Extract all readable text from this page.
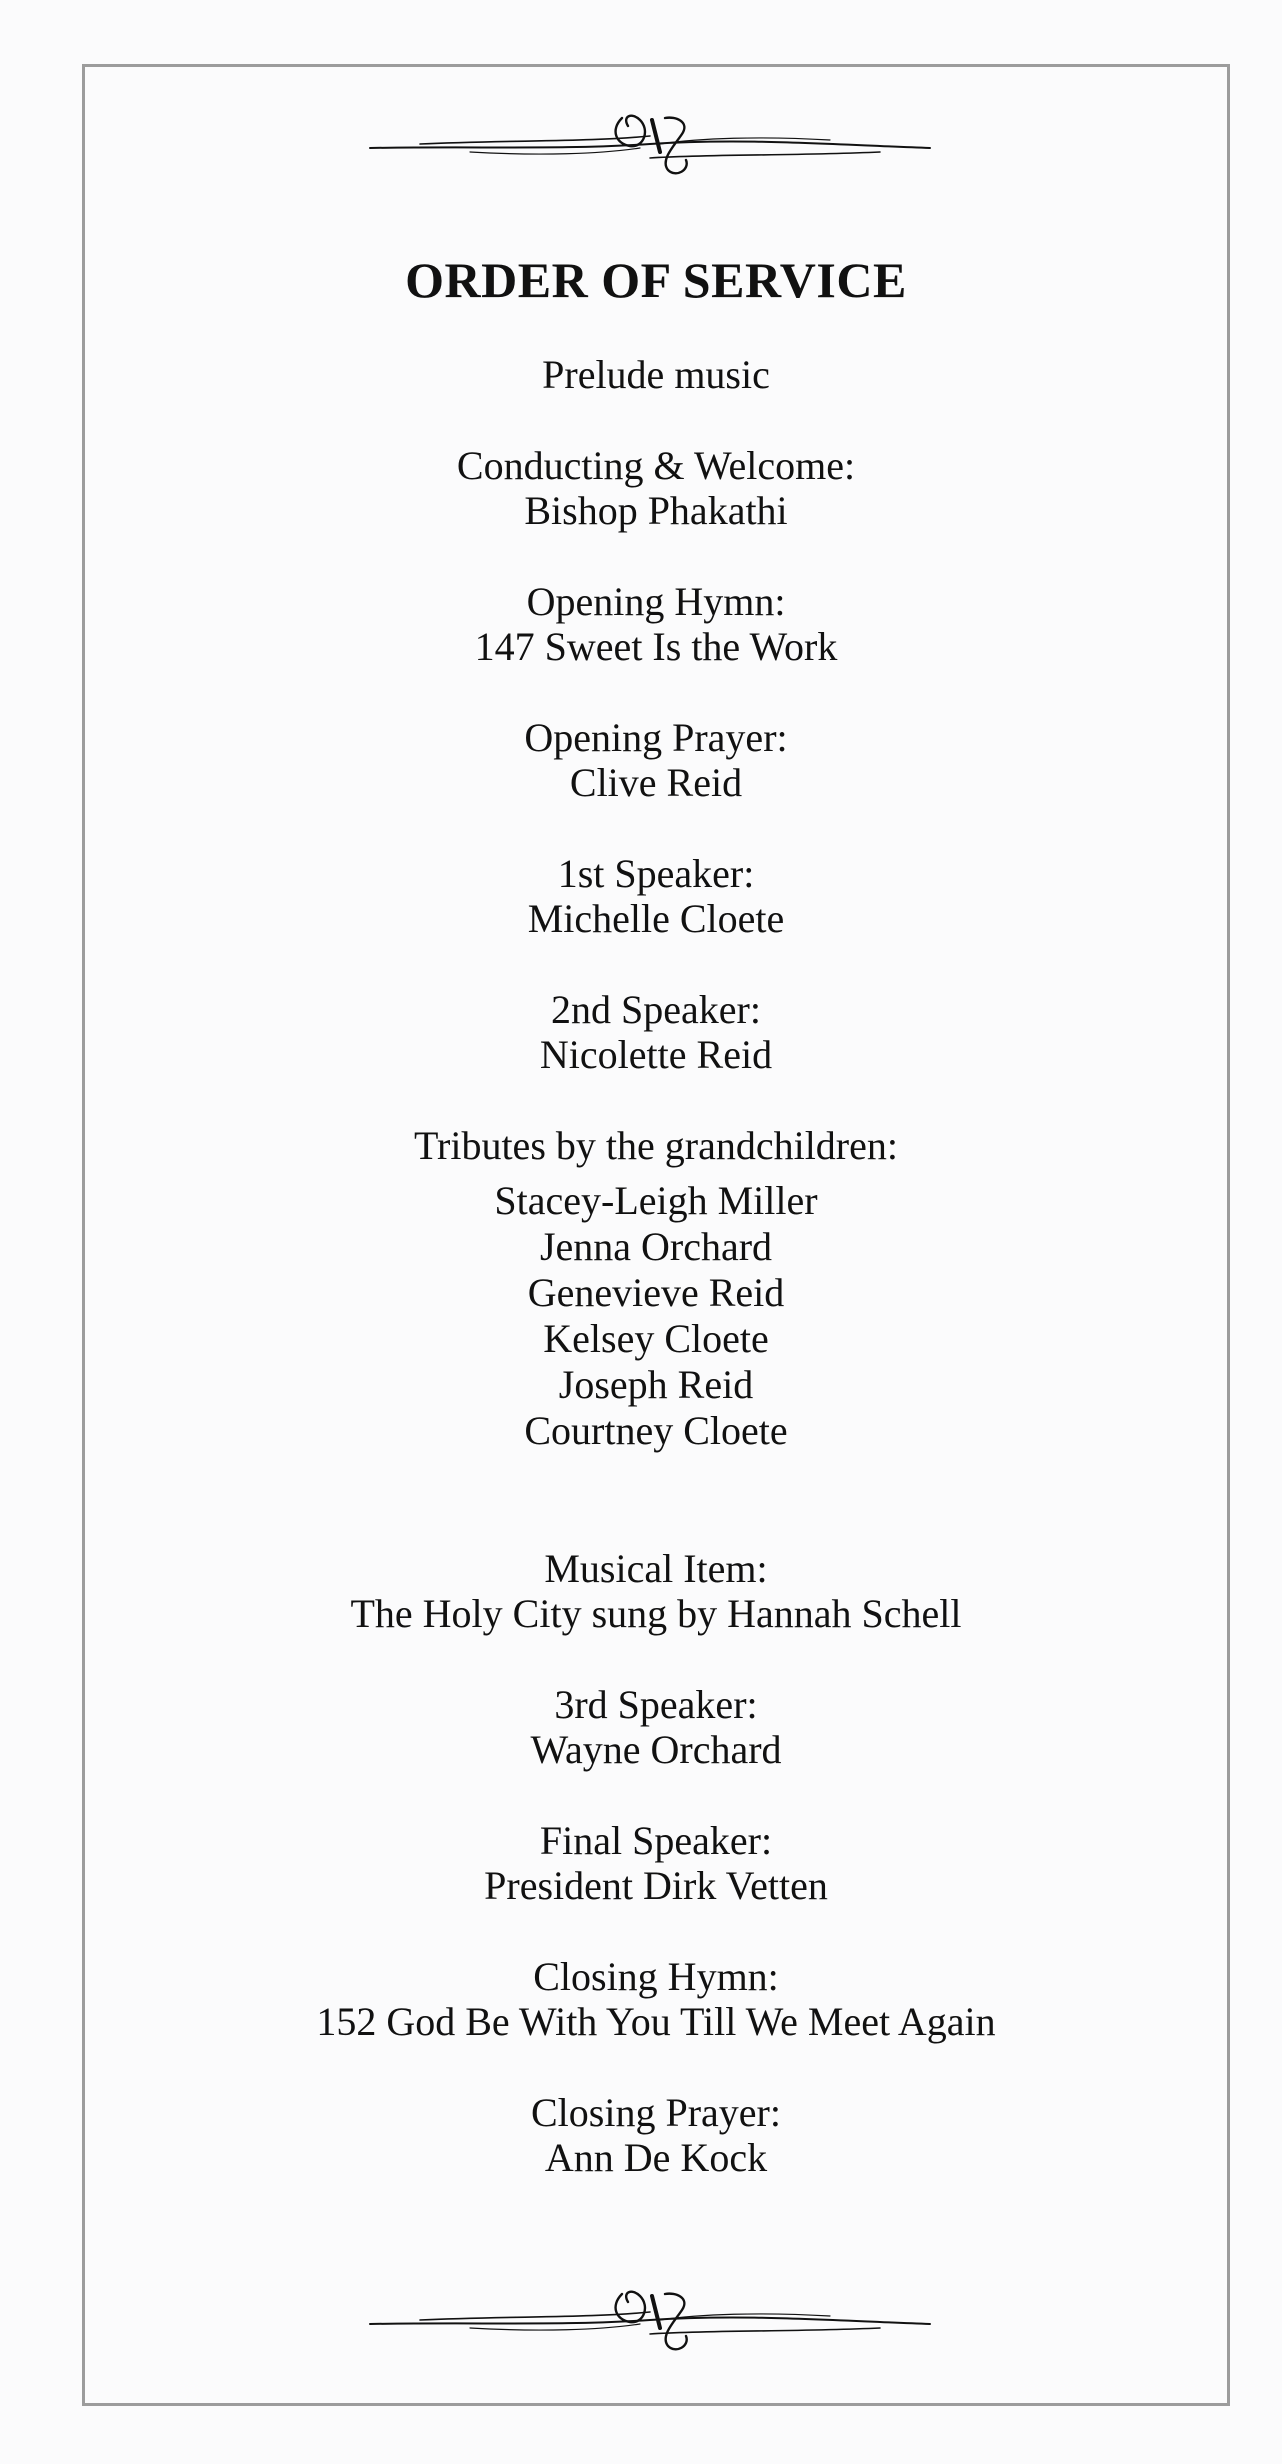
ORDER OF SERVICE
Prelude music
Conducting & Welcome:
Bishop Phakathi
Opening Hymn:
147 Sweet Is the Work
Opening Prayer:
Clive Reid
1st Speaker:
Michelle Cloete
2nd Speaker:
Nicolette Reid
Tributes by the grandchildren:
Stacey-Leigh Miller
Jenna Orchard
Genevieve Reid
Kelsey Cloete
Joseph Reid
Courtney Cloete
Musical Item:
The Holy City sung by Hannah Schell
3rd Speaker:
Wayne Orchard
Final Speaker:
President Dirk Vetten
Closing Hymn:
152 God Be With You Till We Meet Again
Closing Prayer:
Ann De Kock
